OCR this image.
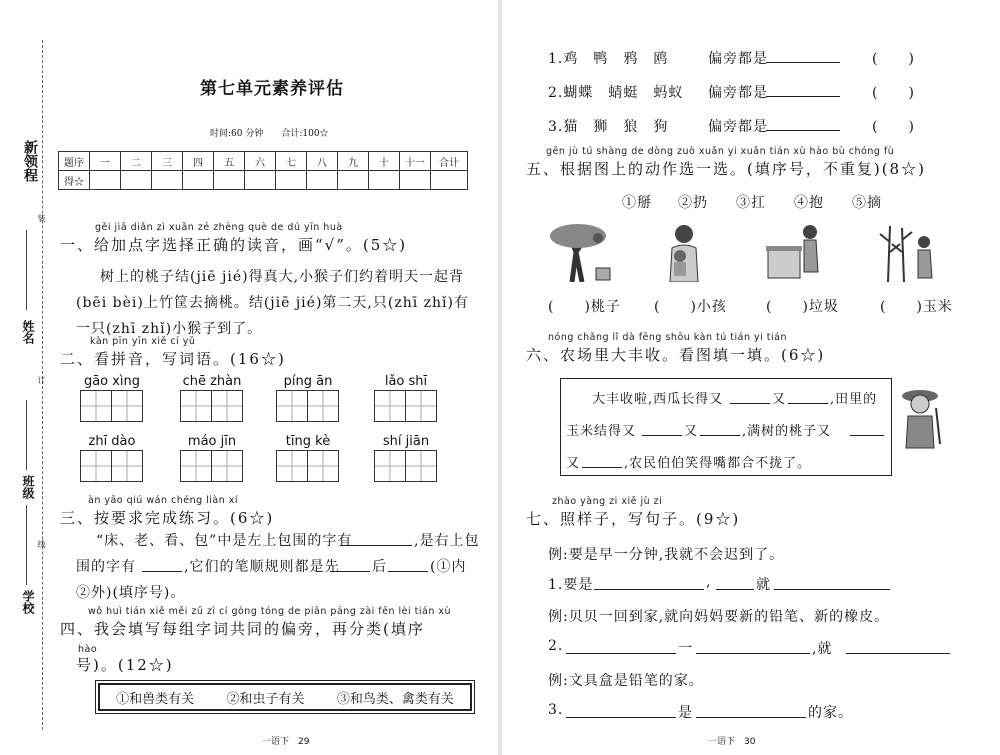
新领程
姓名
班级
学校
装
订
线
第七单元素养评估
时间:60 分钟　　合计:100☆
题序	一	二	三	四	五	六	七	八	九	十	十一	合计
得☆												
gěi jiā diǎn zì xuǎn zé zhèng què de dú yīn huà
一、给加点字选择正确的读音，画“√”。(5☆)
树上的桃子结(jiē jié)得真大,小猴子们约着明天一起背
(bēi bèi)上竹筐去摘桃。结(jiē jié)第二天,只(zhī zhǐ)有
一只(zhī zhǐ)小猴子到了。
kàn pīn yīn xiě cí yǔ
二、看拼音，写词语。(16☆)
gāo xìng	chē zhàn	píng ān	lǎo shī
zhī dào	máo jīn	tīng kè	shí jiān
àn yāo qiú wán chéng liàn xí
三、按要求完成练习。(6☆)
“床、老、看、包”中是左上包围的字有	,是右上包
围的字有	,它们的笔顺规则都是先 后	(①内
②外)(填序号)。
wǒ huì tián xiě měi zǔ zì cí gòng tóng de piān páng zài fēn lèi tián xù
四、我会填写每组字词共同的偏旁，再分类(填序
hào
号)。(12☆)
①和兽类有关 ②和虫子有关 ③和鸟类、禽类有关
一语下　29
1.鸡　鸭　鸦　鸥	偏旁都是	(　　)
2.蝴蝶　蜻蜓　蚂蚁 偏旁都是	(　　)
3.猫　狮　狼　狗	偏旁都是	(　　)
gēn jù tú shàng de dòng zuò xuǎn yi xuǎn tián xù hào bù chóng fù
五、根据图上的动作选一选。(填序号，不重复)(8☆)
①掰 ②扔 ③扛 ④抱 ⑤摘
(　　)桃子 (　　)小孩	(　　)垃圾	(　　)玉米
nóng chǎng lǐ dà fēng shōu kàn tú tián yi tián
六、农场里大丰收。看图填一填。(6☆)
大丰收啦,西瓜长得又	又	,田里的
玉米结得又	又	,满树的桃子又
又	,农民伯伯笑得嘴都合不拢了。
zhào yàng zi xiě jù zi
七、照样子，写句子。(9☆)
例:要是早一分钟,我就不会迟到了。
1.要是	,	就
例:贝贝一回到家,就向妈妈要新的铅笔、新的橡皮。
2.	一	,就
例:文具盒是铅笔的家。
3.	是	的家。
一语下　30
